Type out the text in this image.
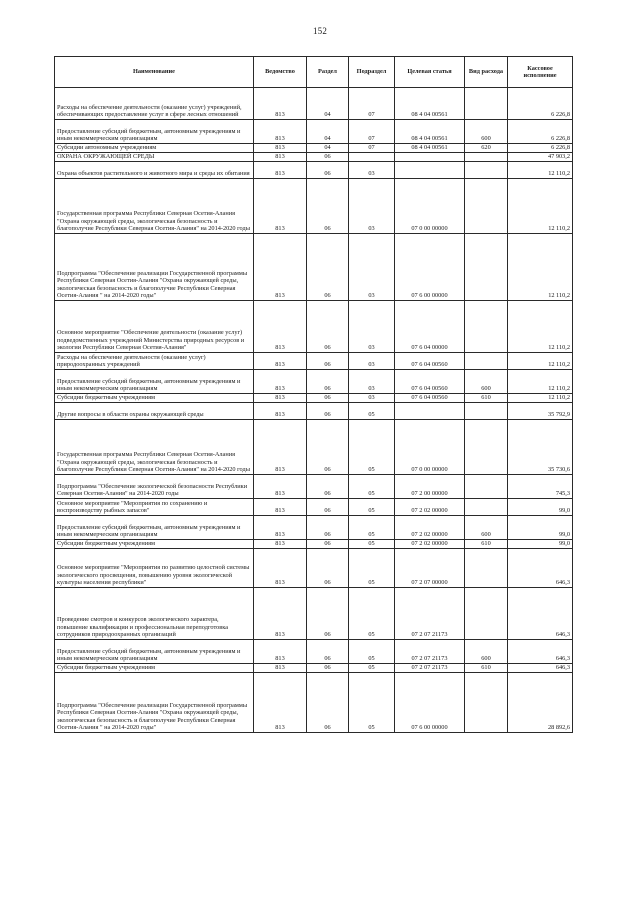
152
Наименование	Ведомство	Раздел	Подраздел	Целевая статья	Вид расхода	Кассовое исполнение
Расходы на обеспечение деятельности (оказание услуг) учреждений, обеспечивающих предоставление услуг в сфере лесных отношений	813	04	07	08 4 04 00561		6 226,8
Предоставление субсидий бюджетным, автономным учреждениям и иным некоммерческим организациям	813	04	07	08 4 04 00561	600	6 226,8
Субсидии автономным учреждениям	813	04	07	08 4 04 00561	620	6 226,8
ОХРАНА ОКРУЖАЮЩЕЙ СРЕДЫ	813	06				47 903,2
Охрана объектов растительного и животного мира и среды их обитания	813	06	03			12 110,2
Государственная программа Республики Северная Осетия-Алания "Охрана окружающей среды, экологическая безопасность и благополучие Республики Северная Осетия-Алания" на 2014-2020 годы	813	06	03	07 0 00 00000		12 110,2
Подпрограмма "Обеспечение реализации Государственной программы Республики Северная Осетия-Алания "Охрана окружающей среды, экологическая безопасность и благополучие Республики Северная Осетия-Алания " на 2014-2020 годы"	813	06	03	07 6 00 00000		12 110,2
Основное мероприятие "Обеспечение деятельности (оказание услуг) подведомственных учреждений Министерства природных ресурсов и экологии Республики Северная Осетия-Алания"	813	06	03	07 6 04 00000		12 110,2
Расходы на обеспечение деятельности (оказание услуг) природоохранных учреждений	813	06	03	07 6 04 00560		12 110,2
Предоставление субсидий бюджетным, автономным учреждениям и иным некоммерческим организациям	813	06	03	07 6 04 00560	600	12 110,2
Субсидии бюджетным учреждениям	813	06	03	07 6 04 00560	610	12 110,2
Другие вопросы в области охраны окружающей среды	813	06	05			35 792,9
Государственная программа Республики Северная Осетия-Алания "Охрана окружающей среды, экологическая безопасность и благополучие Республики Северная Осетия-Алания" на 2014-2020 годы	813	06	05	07 0 00 00000		35 730,6
Подпрограмма "Обеспечение экологической безопасности Республики Северная Осетия-Алания" на 2014-2020 годы	813	06	05	07 2 00 00000		745,3
Основное мероприятие "Мероприятия по сохранению и воспроизводству рыбных запасов"	813	06	05	07 2 02 00000		99,0
Предоставление субсидий бюджетным, автономным учреждениям и иным некоммерческим организациям	813	06	05	07 2 02 00000	600	99,0
Субсидии бюджетным учреждениям	813	06	05	07 2 02 00000	610	99,0
Основное мероприятие "Мероприятия по развитию целостной системы экологического просвещения, повышению уровня экологической культуры населения республики"	813	06	05	07 2 07 00000		646,3
Проведение смотров и конкурсов экологического характера, повышение квалификации и профессиональная переподготовка сотрудников природоохранных организаций	813	06	05	07 2 07 21173		646,3
Предоставление субсидий бюджетным, автономным учреждениям и иным некоммерческим организациям	813	06	05	07 2 07 21173	600	646,3
Субсидии бюджетным учреждениям	813	06	05	07 2 07 21173	610	646,3
Подпрограмма "Обеспечение реализации Государственной программы Республики Северная Осетия-Алания "Охрана окружающей среды, экологическая безопасность и благополучие Республики Северная Осетия-Алания " на 2014-2020 годы"	813	06	05	07 6 00 00000		28 892,6
